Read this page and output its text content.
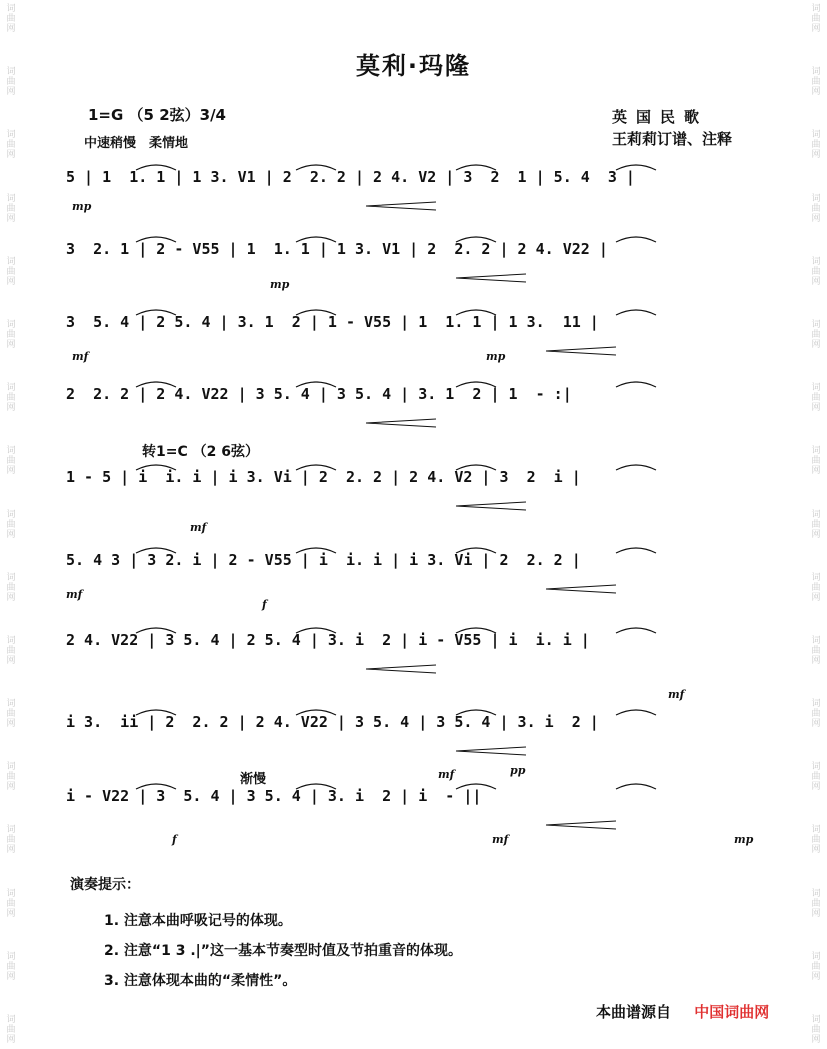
词
曲
网
词
曲
网
词
曲
网
词
曲
网
词
曲
网
词
曲
网
词
曲
网
词
曲
网
词
曲
网
词
曲
网
词
曲
网
词
曲
网
词
曲
网
词
曲
网
词
曲
网
词
曲
网
词
曲
网
词
曲
网
词
曲
网
词
曲
网
词
曲
网
词
曲
网
词
曲
网
词
曲
网
词
曲
网
词
曲
网
词
曲
网
词
曲
网
词
曲
网
词
曲
网
词
曲
网
词
曲
网
词
曲
网
词
曲
网
莫利·玛隆
1=G （5 2弦）3/4
中速稍慢　柔情地
英国民歌
王莉莉订谱、注释
转1=C （2 6弦）
渐慢
5 | 1  1. 1 | 1 3. V1 | 2  2. 2 | 2 4. V2 | 3  2  1 | 5. 4  3 |
3  2. 1 | 2 - V55 | 1  1. 1 | 1 3. V1 | 2  2. 2 | 2 4. V22 |
3  5. 4 | 2 5. 4 | 3. 1  2 | 1 - V55 | 1  1. 1 | 1 3.  11 |
2  2. 2 | 2 4. V22 | 3 5. 4 | 3 5. 4 | 3. 1  2 | 1  - :|
1 - 5 | i  i. i | i 3. Vi | 2  2. 2 | 2 4. V2 | 3  2  i |
5. 4 3 | 3 2. i | 2 - V55 | i  i. i | i 3. Vi | 2  2. 2 |
2 4. V22 | 3 5. 4 | 2 5. 4 | 3. i  2 | i - V55 | i  i. i |
i 3.  ii | 2  2. 2 | 2 4. V22 | 3 5. 4 | 3 5. 4 | 3. i  2 |
i - V22 | 3  5. 4 | 3 5. 4 | 3. i  2 | i  - ||
演奏提示：
1. 注意本曲呼吸记号的体现。
2. 注意“1 3 .|”这一基本节奏型时值及节拍重音的体现。
3. 注意体现本曲的“柔情性”。
本曲谱源自 中国词曲网
mp
mp
mf	mp
mf
mf
f
mf
mf
f	mf	mp
pp
